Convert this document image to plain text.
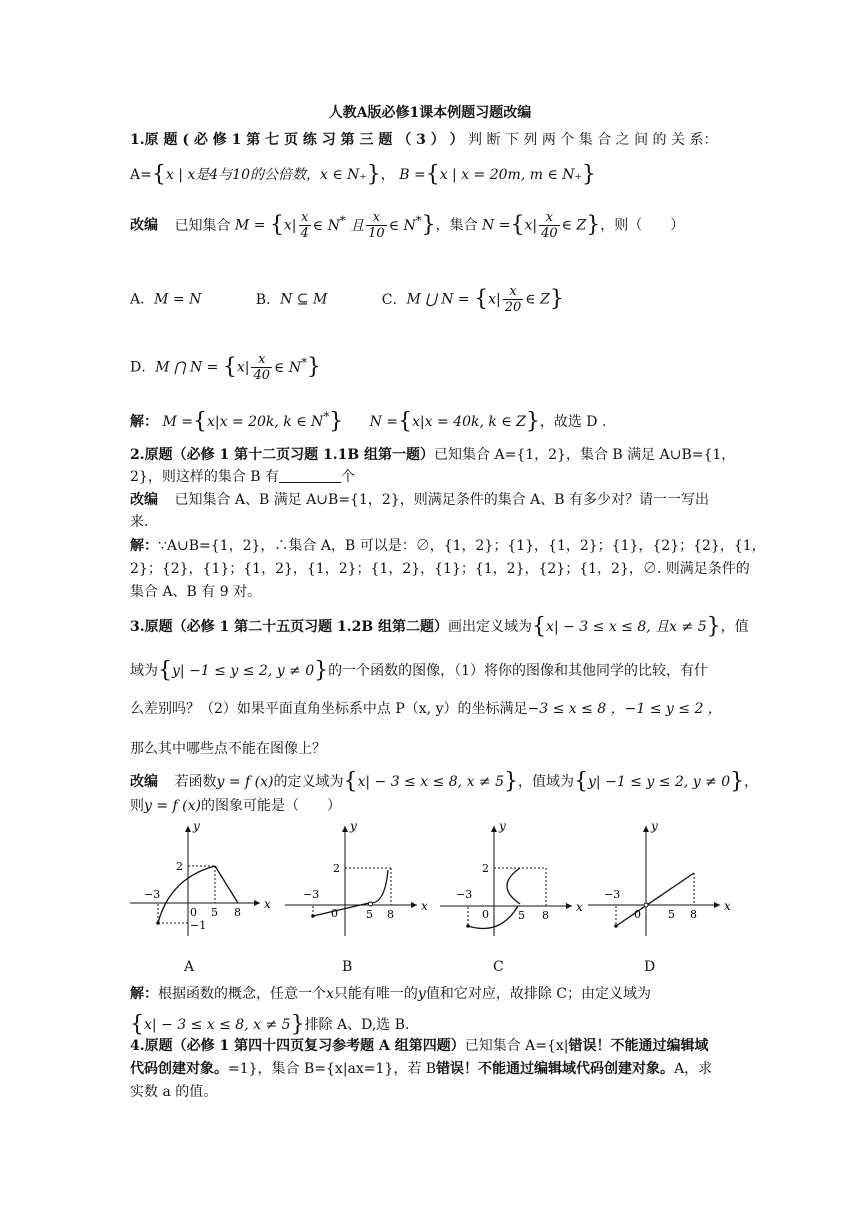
人教A版必修1课本例题习题改编
1.原 题 ( 必 修 1 第 七 页 练 习 第 三 题 （ 3 ） ） 判 断 下 列 两 个 集 合 之 间 的 关 系：
A={x | x是4与10的公倍数，x ∈ N₊}， B ={x | x = 20m, m ∈ N₊}
改编 已知集合 $M = \{x| \frac{x}{4}$ ∈ N* 且 $\frac{x}{10}$ ∈ N*}，集合 $N =\{x| \frac{x}{40}$ ∈ Z}，则（　　）
A．M = N	B．N ⊆ M	C．M ⋃ $N = \{x| \frac{x}{20}$ ∈ Z}
D．M ⋂ $N = \{x| \frac{x}{40}$ ∈ N*}
解： M ={x|x = 20k, k ∈ N*} N ={x|x = 40k, k ∈ Z}，故选 D .
2.原题（必修 1 第十二页习题 1.1B 组第一题）已知集合 A={1，2}，集合 B 满足 A∪B={1，
2}，则这样的集合 B 有	个
改编 已知集合 A、B 满足 A∪B={1，2}，则满足条件的集合 A、B 有多少对？请一一写出
来.
解：∵A∪B={1，2}，∴集合 A，B 可以是：∅，{1，2}；{1}，{1，2}；{1}，{2}；{2}，{1，
2}；{2}，{1}；{1，2}，{1，2}；{1，2}，{1}；{1，2}，{2}；{1，2}，∅. 则满足条件的
集合 A、B 有 9 对。
3.原题（必修 1 第二十五页习题 1.2B 组第二题）画出定义域为{x| − 3 ≤ x ≤ 8, 且x ≠ 5}，值
域为{y| −1 ≤ y ≤ 2, y ≠ 0}的一个函数的图像，（1）将你的图像和其他同学的比较，有什
么差别吗？（2）如果平面直角坐标系中点 P（x, y）的坐标满足−3 ≤ x ≤ 8 ，−1 ≤ y ≤ 2 ，
那么其中哪些点不能在图像上？
改编 若函数y = f (x)的定义域为{x| − 3 ≤ x ≤ 8, x ≠ 5}，值域为{y| −1 ≤ y ≤ 2, y ≠ 0}，
则y = f (x)的图象可能是（　　）
−3
2
0 5 8
−1
x
y
−3
2
0	5 8
x
y
−3
2
0	5 8
x
y
−3
0 5 8
x
y
A	B	C	D
解：根据函数的概念，任意一个x只能有唯一的y值和它对应，故排除 C；由定义域为
{x| − 3 ≤ x ≤ 8, x ≠ 5}排除 A、D,选 B.
4.原题（必修 1 第四十四页复习参考题 A 组第四题）已知集合 A={x|错误！不能通过编辑域
代码创建对象。=1}，集合 B={x|ax=1}，若 B错误！不能通过编辑域代码创建对象。A，求
实数 a 的值。
